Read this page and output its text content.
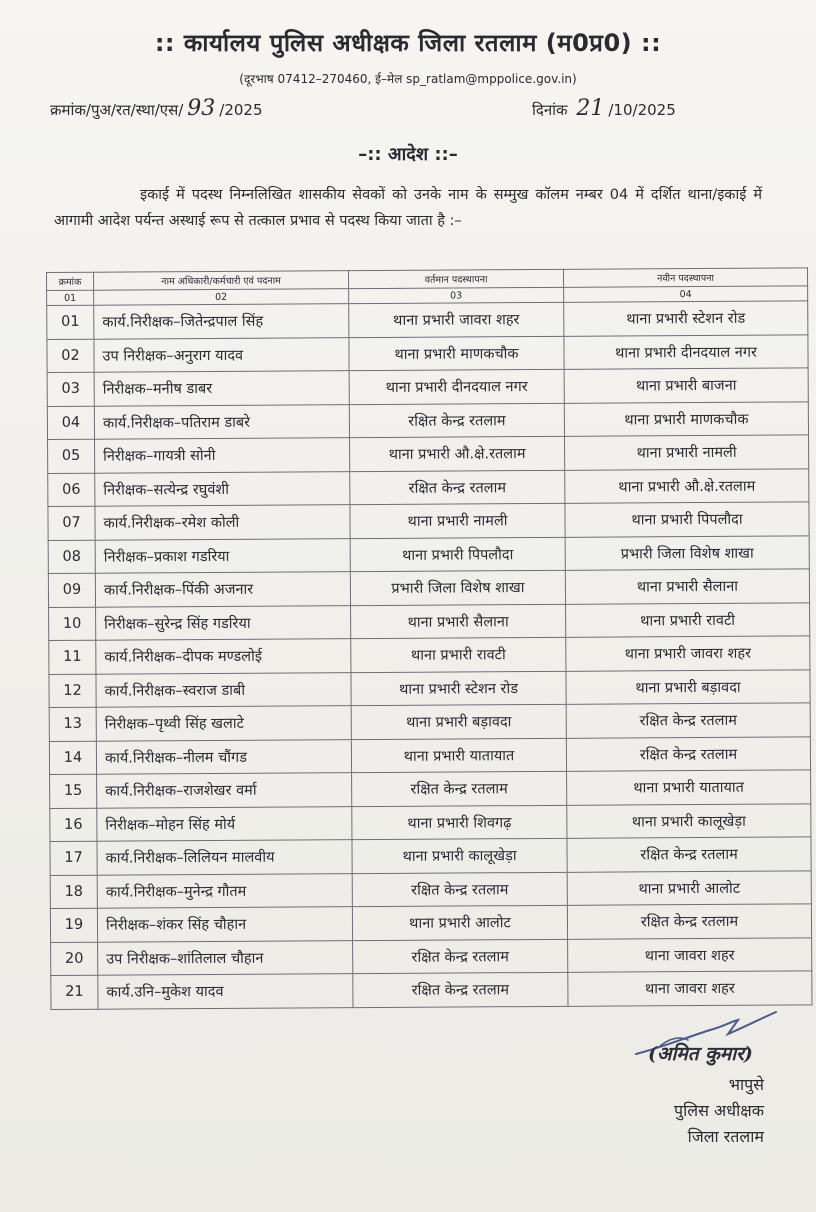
:: कार्यालय पुलिस अधीक्षक जिला रतलाम (म0प्र0) ::
(दूरभाष 07412–270460, ई–मेल sp_ratlam@mppolice.gov.in)
क्रमांक/पुअ/रत/स्था/एस/ 93 /2025	दिनांक 21 /10/2025
–:: आदेश ::–
इकाई में पदस्थ निम्नलिखित शासकीय सेवकों को उनके नाम के सम्मुख कॉलम नम्बर 04 में दर्शित थाना/इकाई में आगामी आदेश पर्यन्त अस्थाई रूप से तत्काल प्रभाव से पदस्थ किया जाता है :–
क्रमांक	नाम अधिकारी/कर्मचारी एवं पदनाम	वर्तमान पदस्थापना	नवीन पदस्थापना
01	02	03	04
01	कार्य.निरीक्षक–जितेन्द्रपाल सिंह	थाना प्रभारी जावरा शहर	थाना प्रभारी स्टेशन रोड
02	उप निरीक्षक–अनुराग यादव	थाना प्रभारी माणकचौक	थाना प्रभारी दीनदयाल नगर
03	निरीक्षक–मनीष डाबर	थाना प्रभारी दीनदयाल नगर	थाना प्रभारी बाजना
04	कार्य.निरीक्षक–पतिराम डाबरे	रक्षित केन्द्र रतलाम	थाना प्रभारी माणकचौक
05	निरीक्षक–गायत्री सोनी	थाना प्रभारी औ.क्षे.रतलाम	थाना प्रभारी नामली
06	निरीक्षक–सत्येन्द्र रघुवंशी	रक्षित केन्द्र रतलाम	थाना प्रभारी औ.क्षे.रतलाम
07	कार्य.निरीक्षक–रमेश कोली	थाना प्रभारी नामली	थाना प्रभारी पिपलौदा
08	निरीक्षक–प्रकाश गडरिया	थाना प्रभारी पिपलौदा	प्रभारी जिला विशेष शाखा
09	कार्य.निरीक्षक–पिंकी अजनार	प्रभारी जिला विशेष शाखा	थाना प्रभारी सैलाना
10	निरीक्षक–सुरेन्द्र सिंह गडरिया	थाना प्रभारी सैलाना	थाना प्रभारी रावटी
11	कार्य.निरीक्षक–दीपक मण्डलोई	थाना प्रभारी रावटी	थाना प्रभारी जावरा शहर
12	कार्य.निरीक्षक–स्वराज डाबी	थाना प्रभारी स्टेशन रोड	थाना प्रभारी बड़ावदा
13	निरीक्षक–पृथ्वी सिंह खलाटे	थाना प्रभारी बड़ावदा	रक्षित केन्द्र रतलाम
14	कार्य.निरीक्षक–नीलम चौंगड	थाना प्रभारी यातायात	रक्षित केन्द्र रतलाम
15	कार्य.निरीक्षक–राजशेखर वर्मा	रक्षित केन्द्र रतलाम	थाना प्रभारी यातायात
16	निरीक्षक–मोहन सिंह मोर्य	थाना प्रभारी शिवगढ़	थाना प्रभारी कालूखेड़ा
17	कार्य.निरीक्षक–लिलियन मालवीय	थाना प्रभारी कालूखेड़ा	रक्षित केन्द्र रतलाम
18	कार्य.निरीक्षक–मुनेन्द्र गौतम	रक्षित केन्द्र रतलाम	थाना प्रभारी आलोट
19	निरीक्षक–शंकर सिंह चौहान	थाना प्रभारी आलोट	रक्षित केन्द्र रतलाम
20	उप निरीक्षक–शांतिलाल चौहान	रक्षित केन्द्र रतलाम	थाना जावरा शहर
21	कार्य.उनि–मुकेश यादव	रक्षित केन्द्र रतलाम	थाना जावरा शहर
(अमित कुमार)
भापुसे
पुलिस अधीक्षक
जिला रतलाम
